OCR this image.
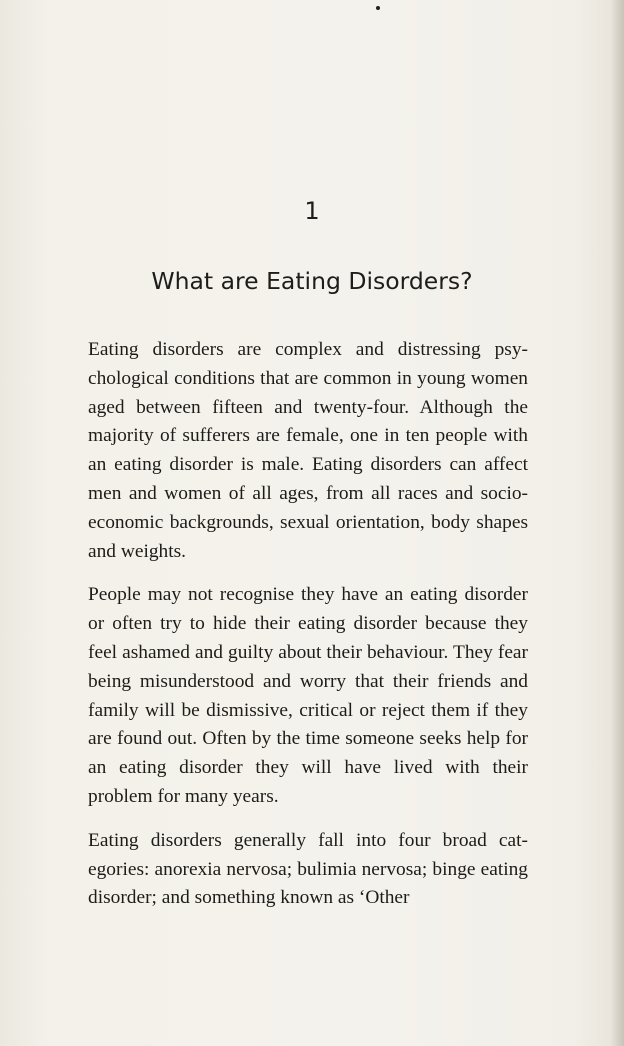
1
What are Eating Disorders?

Eating disorders are complex and distressing psychological conditions that are common in young women aged between fifteen and twenty-four. Although the majority of sufferers are female, one in ten people with an eating disorder is male. Eating disorders can affect men and women of all ages, from all races and socio-economic backgrounds, sexual orientation, body shapes and weights.

People may not recognise they have an eating disorder or often try to hide their eating disorder because they feel ashamed and guilty about their behaviour. They fear being misunderstood and worry that their friends and family will be dismissive, critical or reject them if they are found out. Often by the time someone seeks help for an eating disorder they will have lived with their problem for many years.

Eating disorders generally fall into four broad categories: anorexia nervosa; bulimia nervosa; binge eating disorder; and something known as ‘Other
